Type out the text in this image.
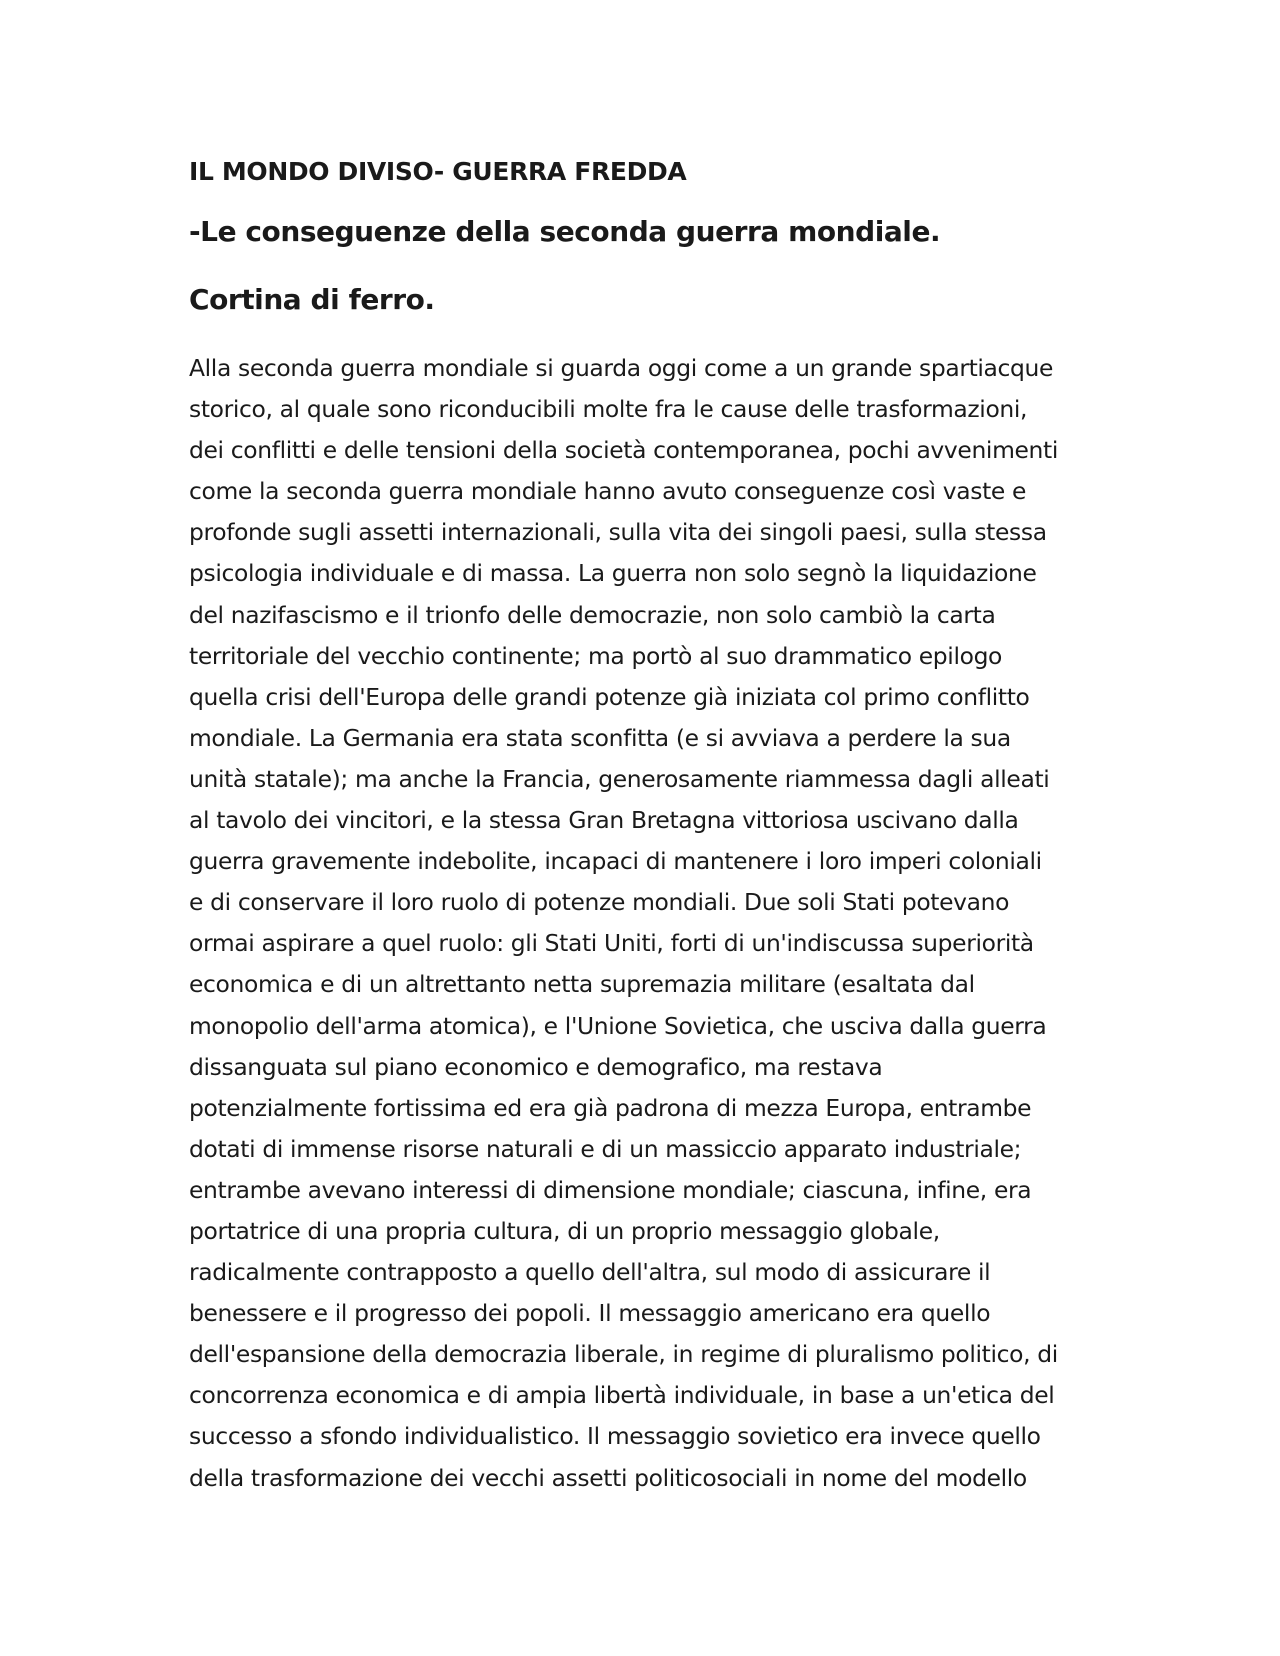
IL MONDO DIVISO- GUERRA FREDDA
-Le conseguenze della seconda guerra mondiale.
Cortina di ferro.

Alla seconda guerra mondiale si guarda oggi come a un grande spartiacque
storico, al quale sono riconducibili molte fra le cause delle trasformazioni,
dei conflitti e delle tensioni della società contemporanea, pochi avvenimenti
come la seconda guerra mondiale hanno avuto conseguenze così vaste e
profonde sugli assetti internazionali, sulla vita dei singoli paesi, sulla stessa
psicologia individuale e di massa. La guerra non solo segnò la liquidazione
del nazifascismo e il trionfo delle democrazie, non solo cambiò la carta
territoriale del vecchio continente; ma portò al suo drammatico epilogo
quella crisi dell'Europa delle grandi potenze già iniziata col primo conflitto
mondiale. La Germania era stata sconfitta (e si avviava a perdere la sua
unità statale); ma anche la Francia, generosamente riammessa dagli alleati
al tavolo dei vincitori, e la stessa Gran Bretagna vittoriosa uscivano dalla
guerra gravemente indebolite, incapaci di mantenere i loro imperi coloniali
e di conservare il loro ruolo di potenze mondiali. Due soli Stati potevano
ormai aspirare a quel ruolo: gli Stati Uniti, forti di un'indiscussa superiorità
economica e di un altrettanto netta supremazia militare (esaltata dal
monopolio dell'arma atomica), e l'Unione Sovietica, che usciva dalla guerra
dissanguata sul piano economico e demografico, ma restava
potenzialmente fortissima ed era già padrona di mezza Europa, entrambe
dotati di immense risorse naturali e di un massiccio apparato industriale;
entrambe avevano interessi di dimensione mondiale; ciascuna, infine, era
portatrice di una propria cultura, di un proprio messaggio globale,
radicalmente contrapposto a quello dell'altra, sul modo di assicurare il
benessere e il progresso dei popoli. Il messaggio americano era quello
dell'espansione della democrazia liberale, in regime di pluralismo politico, di
concorrenza economica e di ampia libertà individuale, in base a un'etica del
successo a sfondo individualistico. Il messaggio sovietico era invece quello
della trasformazione dei vecchi assetti politicosociali in nome del modello
